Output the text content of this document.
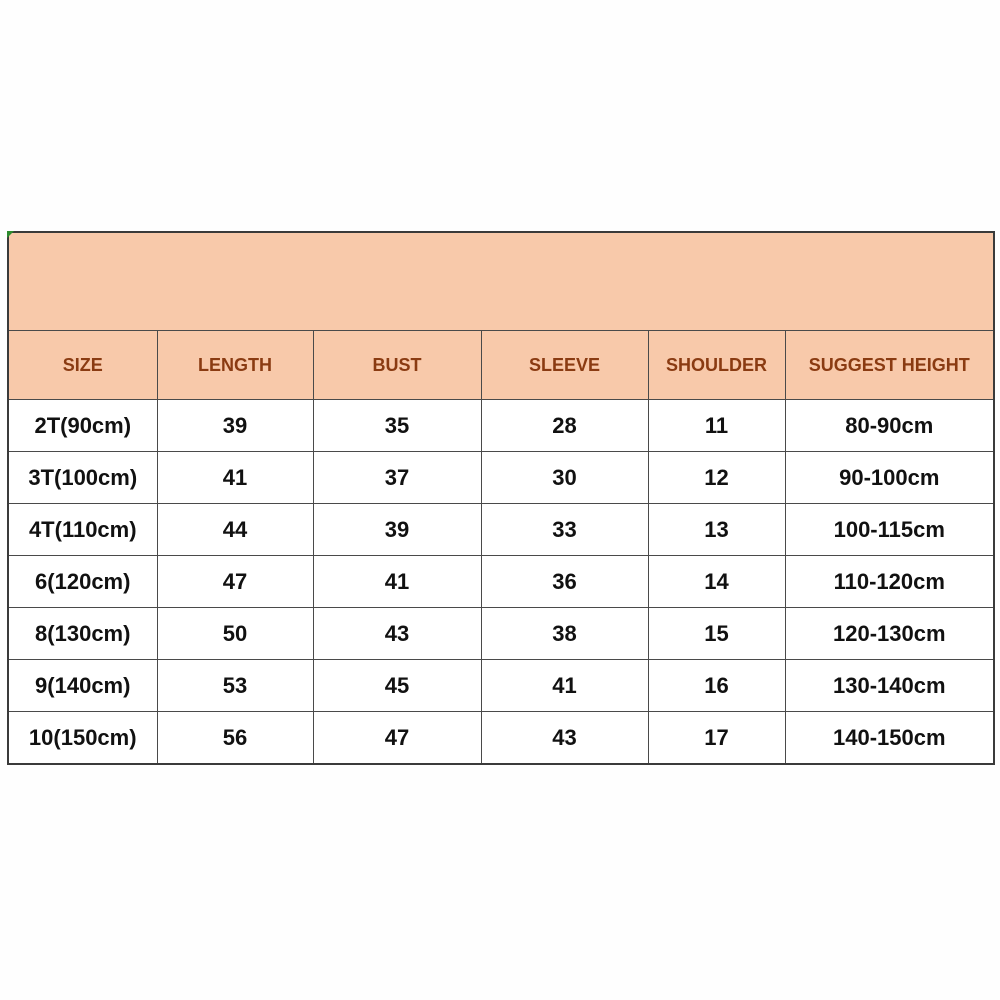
SIZE	LENGTH	BUST	SLEEVE	SHOULDER	SUGGEST HEIGHT
2T(90cm)	39	35	28	11	80-90cm
3T(100cm)	41	37	30	12	90-100cm
4T(110cm)	44	39	33	13	100-115cm
6(120cm)	47	41	36	14	110-120cm
8(130cm)	50	43	38	15	120-130cm
9(140cm)	53	45	41	16	130-140cm
10(150cm)	56	47	43	17	140-150cm
